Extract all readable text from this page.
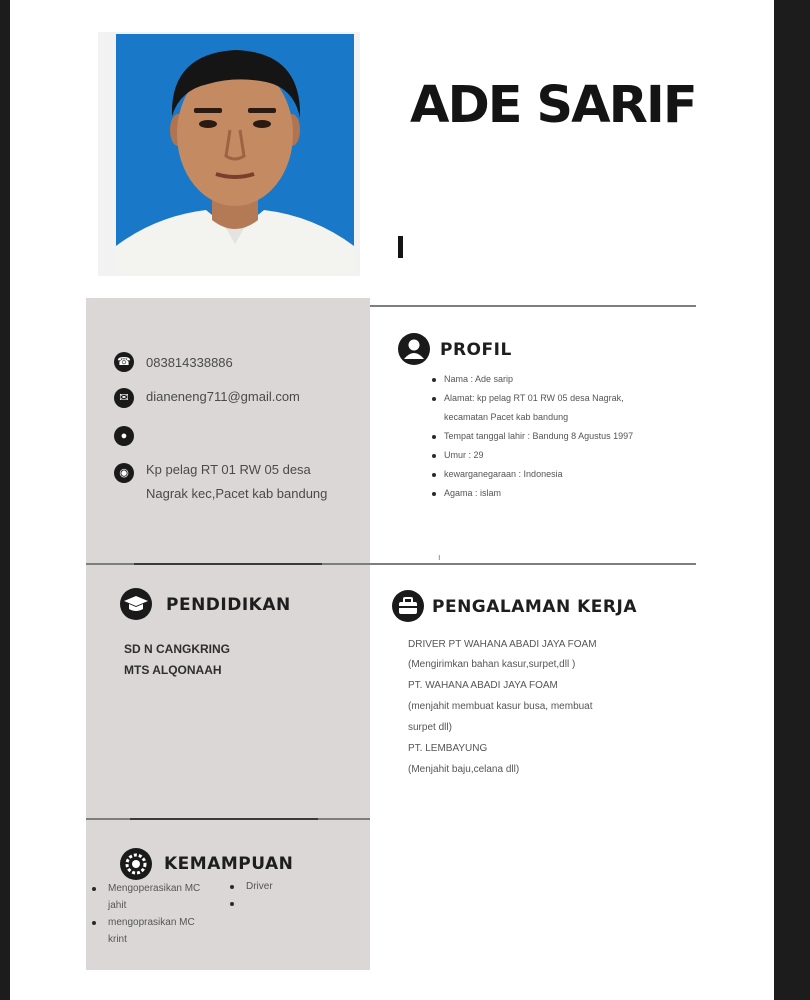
ADE SARIF
☎ 083814338886
✉	dianeneng711@gmail.com
●
◉	Kp pelag RT 01 RW 05 desa
Nagrak kec,Pacet kab bandung
PROFIL
Nama : Ade sarip
Alamat: kp pelag RT 01 RW 05 desa Nagrak, kecamatan Pacet kab bandung
Tempat tanggal lahir : Bandung 8 Agustus 1997
Umur : 29
kewarganegaraan : Indonesia
Agama : islam
ı
PENDIDIKAN
SD N CANGKRING
MTS ALQONAAH
PENGALAMAN KERJA
DRIVER PT WAHANA ABADI JAYA FOAM
(Mengirimkan bahan kasur,surpet,dll )
PT. WAHANA ABADI JAYA FOAM
(menjahit membuat kasur busa, membuat
surpet dll)
PT. LEMBAYUNG
(Menjahit baju,celana dll)
KEMAMPUAN
Mengoperasikan MC jahit
mengoprasikan MC krint
Driver
